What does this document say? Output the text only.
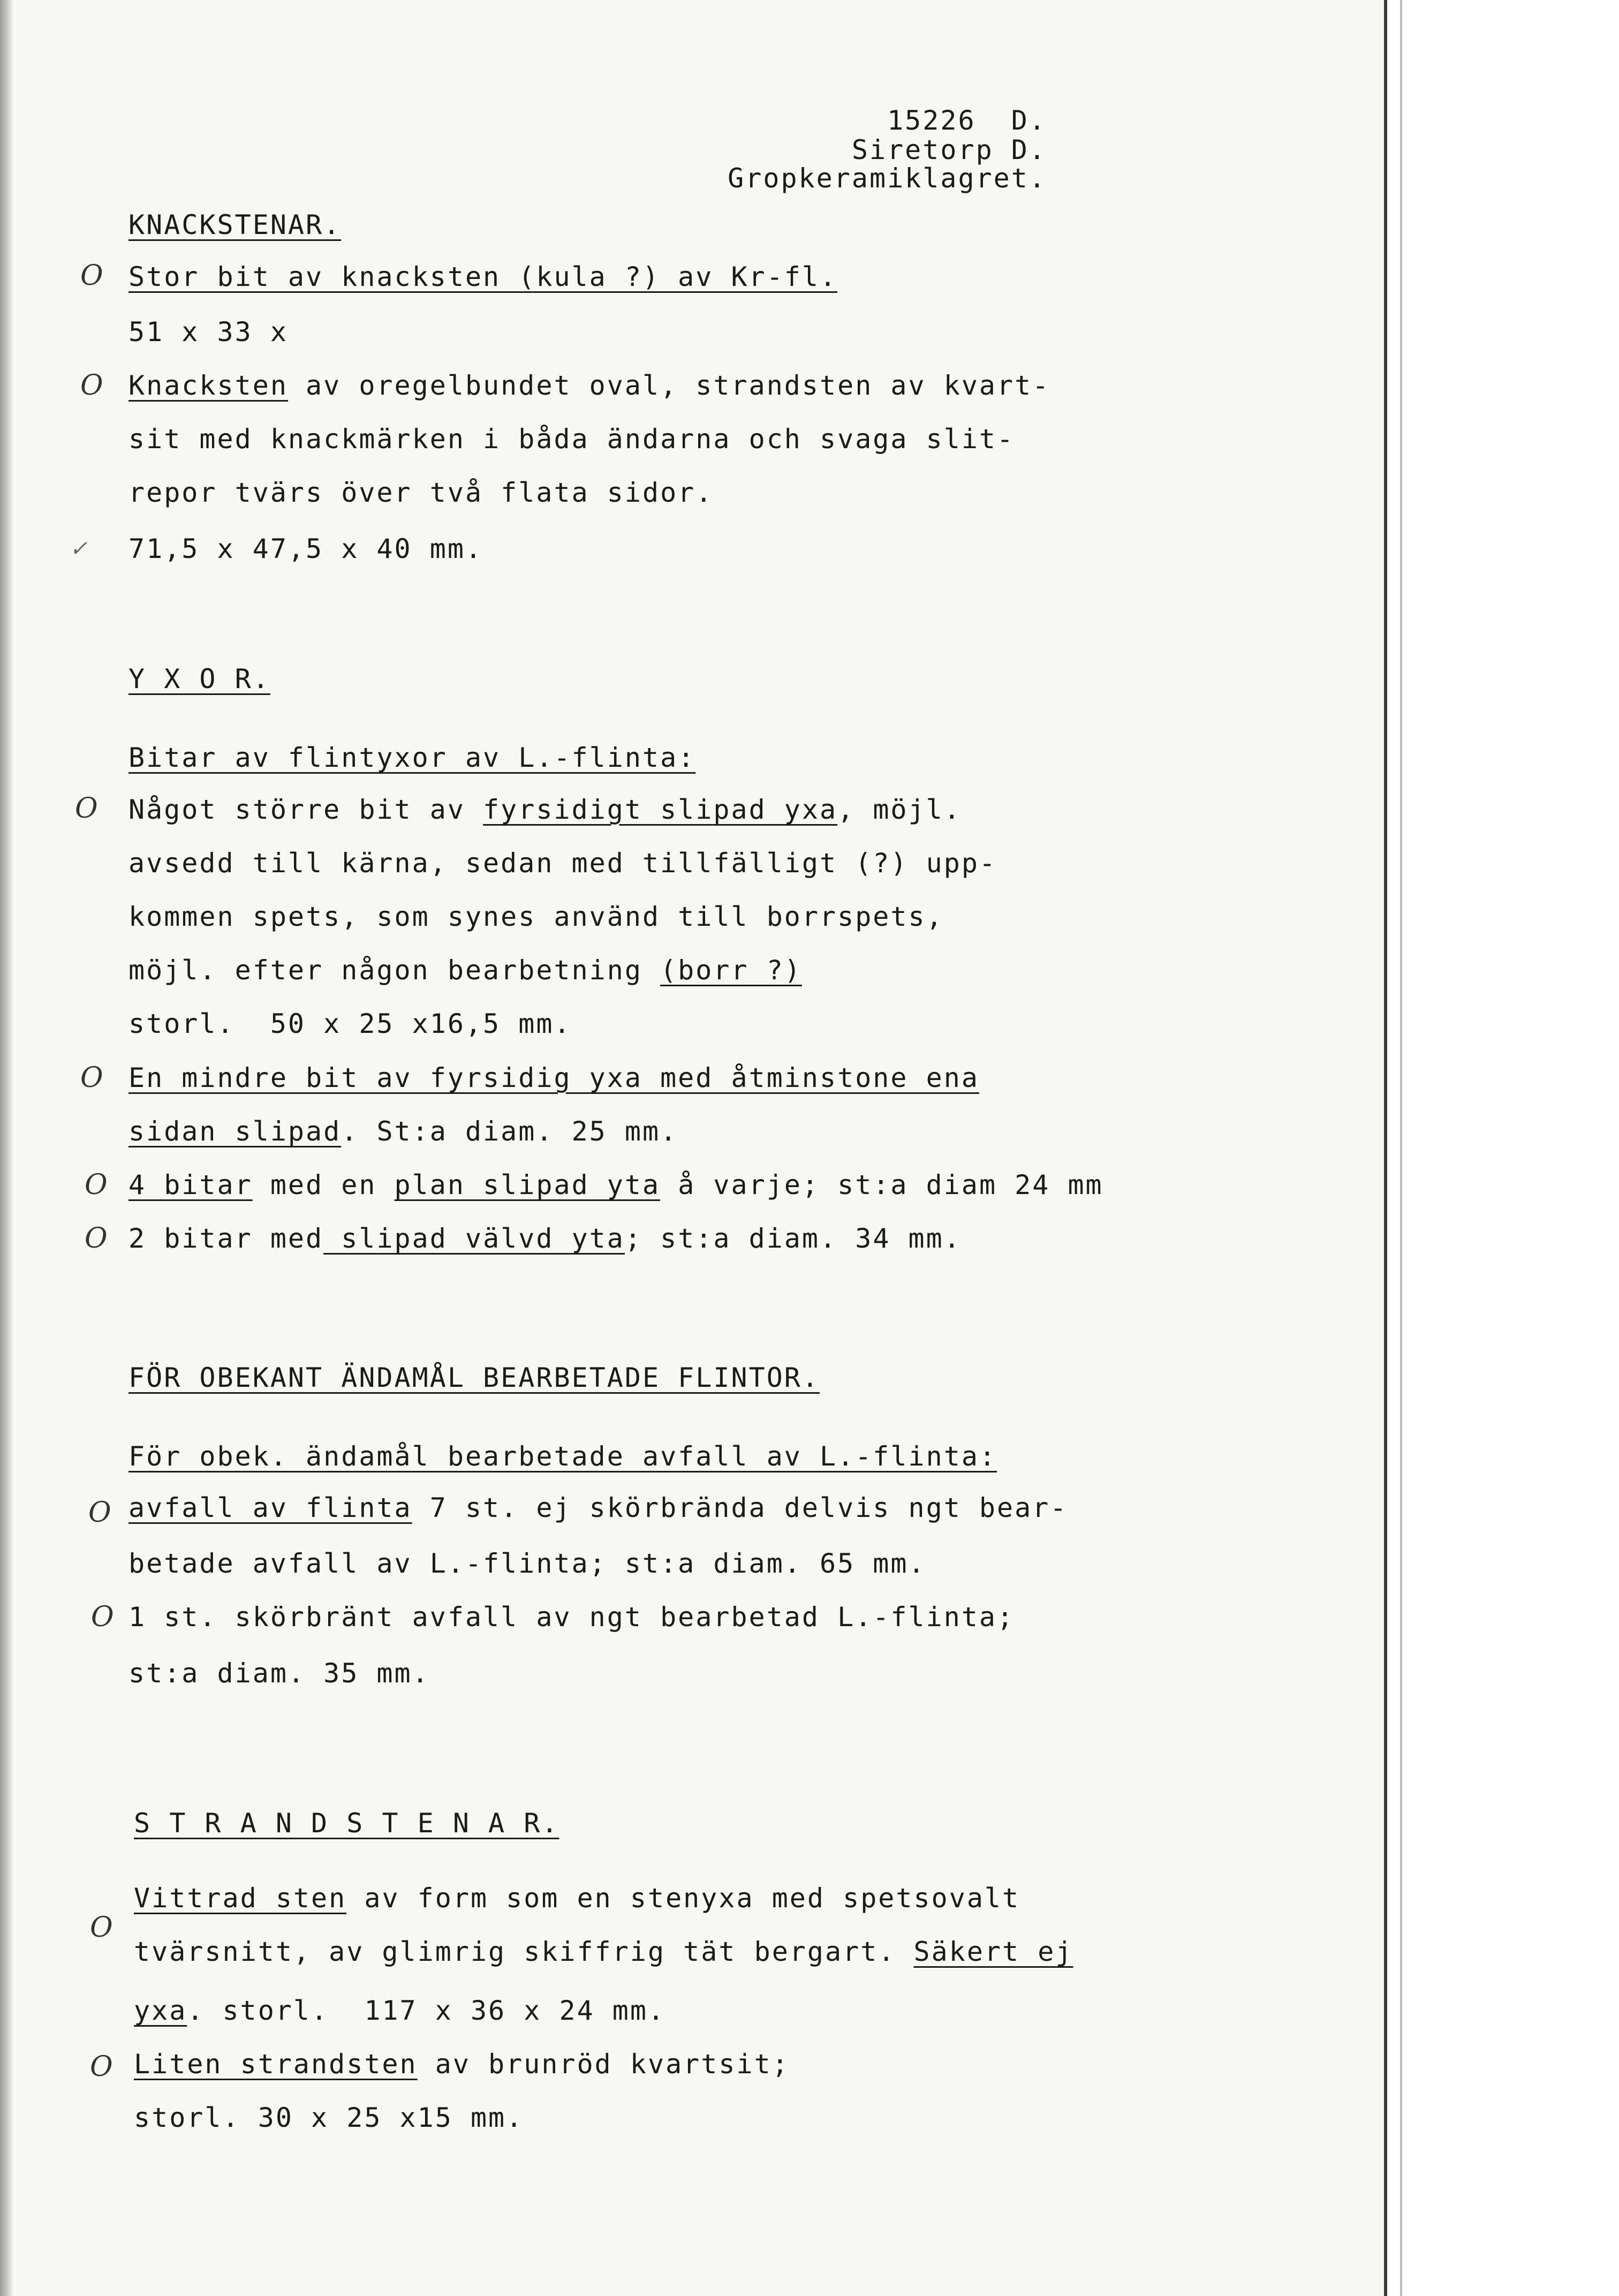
15226  D.
Siretorp D.
Gropkeramiklagret.
KNACKSTENAR.
O Stor bit av knacksten (kula ?) av Kr-fl.
51 x 33 x
O Knacksten av oregelbundet oval, strandsten av kvart-
sit med knackmärken i båda ändarna och svaga slit-
repor tvärs över två flata sidor.
✓ 71,5 x 47,5 x 40 mm.
Y X O R.
Bitar av flintyxor av L.-flinta:
O Något större bit av fyrsidigt slipad yxa, möjl.
avsedd till kärna, sedan med tillfälligt (?) upp-
kommen spets, som synes använd till borrspets,
möjl. efter någon bearbetning (borr ?)
storl.  50 x 25 x16,5 mm.
O En mindre bit av fyrsidig yxa med åtminstone ena
sidan slipad. St:a diam. 25 mm.
O 4 bitar med en plan slipad yta å varje; st:a diam 24 mm
O 2 bitar med slipad välvd yta; st:a diam. 34 mm.
FÖR OBEKANT ÄNDAMÅL BEARBETADE FLINTOR.
För obek. ändamål bearbetade avfall av L.-flinta:
O avfall av flinta 7 st. ej skörbrända delvis ngt bear-
betade avfall av L.-flinta; st:a diam. 65 mm.
O 1 st. skörbränt avfall av ngt bearbetad L.-flinta;
st:a diam. 35 mm.
S T R A N D S T E N A R.
O
Vittrad sten av form som en stenyxa med spetsovalt
tvärsnitt, av glimrig skiffrig tät bergart. Säkert ej
yxa. storl.  117 x 36 x 24 mm.
O Liten strandsten av brunröd kvartsit;
storl. 30 x 25 x15 mm.
